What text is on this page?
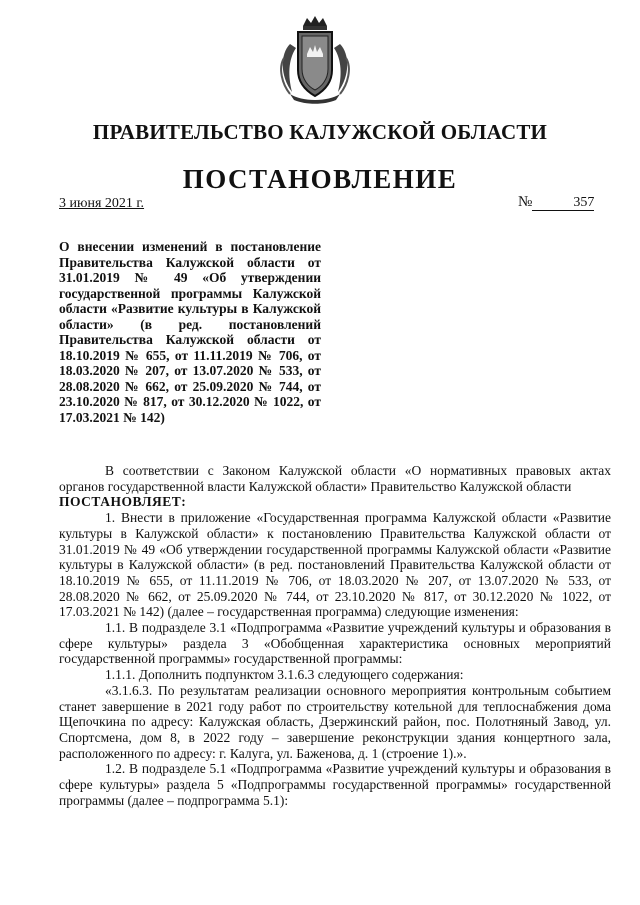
ПРАВИТЕЛЬСТВО КАЛУЖСКОЙ ОБЛАСТИ
ПОСТАНОВЛЕНИЕ
3 июня 2021 г.	№	357

О внесении изменений в постановление Правительства Калужской области от 31.01.2019 № 49 «Об утверждении государственной программы Калужской области «Развитие культуры в Калужской области» (в ред. постановлений Правительства Калужской области от 18.10.2019 № 655, от 11.11.2019 № 706, от 18.03.2020 № 207, от 13.07.2020 № 533, от 28.08.2020 № 662, от 25.09.2020 № 744, от 23.10.2020 № 817, от 30.12.2020 № 1022, от 17.03.2021 № 142)

В соответствии с Законом Калужской области «О нормативных правовых актах органов государственной власти Калужской области» Правительство Калужской области

ПОСТАНОВЛЯЕТ:

1. Внести в приложение «Государственная программа Калужской области «Развитие культуры в Калужской области» к постановлению Правительства Калужской области от 31.01.2019 № 49 «Об утверждении государственной программы Калужской области «Развитие культуры в Калужской области» (в ред. постановлений Правительства Калужской области от 18.10.2019 № 655, от 11.11.2019 № 706, от 18.03.2020 № 207, от 13.07.2020 № 533, от 28.08.2020 № 662, от 25.09.2020 № 744, от 23.10.2020 № 817, от 30.12.2020 № 1022, от 17.03.2021 № 142) (далее – государственная программа) следующие изменения:

1.1. В подразделе 3.1 «Подпрограмма «Развитие учреждений культуры и образования в сфере культуры» раздела 3 «Обобщенная характеристика основных мероприятий государственной программы» государственной программы:

1.1.1. Дополнить подпунктом 3.1.6.3 следующего содержания:

«3.1.6.3. По результатам реализации основного мероприятия контрольным событием станет завершение в 2021 году работ по строительству котельной для теплоснабжения дома Щепочкина по адресу: Калужская область, Дзержинский район, пос. Полотняный Завод, ул. Спортсмена, дом 8, в 2022 году – завершение реконструкции здания концертного зала, расположенного по адресу: г. Калуга, ул. Баженова, д. 1 (строение 1).».

1.2. В подразделе 5.1 «Подпрограмма «Развитие учреждений культуры и образования в сфере культуры» раздела 5 «Подпрограммы государственной программы» государственной программы (далее – подпрограмма 5.1):
